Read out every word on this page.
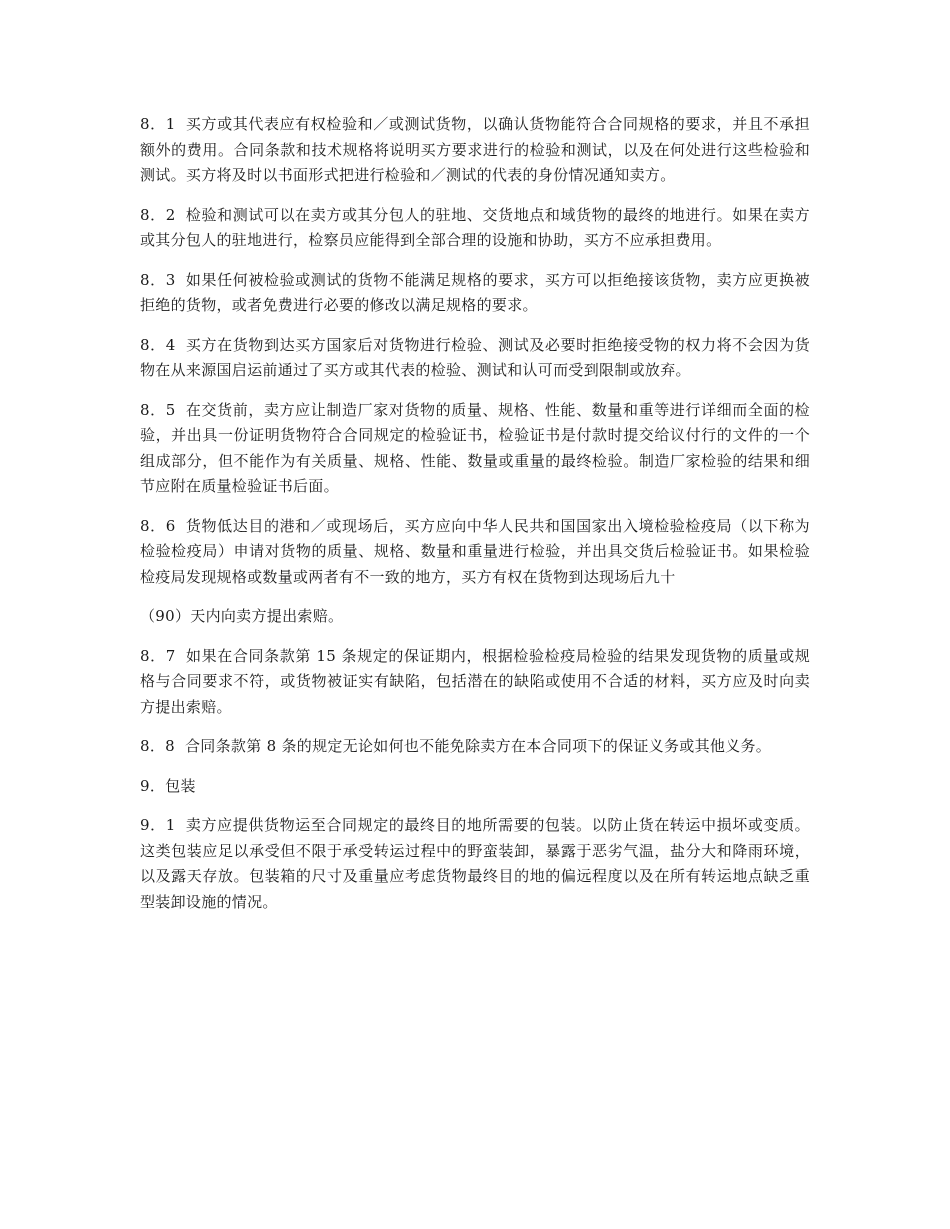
8．1 买方或其代表应有权检验和／或测试货物，以确认货物能符合合同规格的要求，并且不承担额外的费用。合同条款和技术规格将说明买方要求进行的检验和测试，以及在何处进行这些检验和测试。买方将及时以书面形式把进行检验和／测试的代表的身份情况通知卖方。

8．2 检验和测试可以在卖方或其分包人的驻地、交货地点和域货物的最终的地进行。如果在卖方或其分包人的驻地进行，检察员应能得到全部合理的设施和协助，买方不应承担费用。

8．3 如果任何被检验或测试的货物不能满足规格的要求，买方可以拒绝接该货物，卖方应更换被拒绝的货物，或者免费进行必要的修改以满足规格的要求。

8．4 买方在货物到达买方国家后对货物进行检验、测试及必要时拒绝接受物的权力将不会因为货物在从来源国启运前通过了买方或其代表的检验、测试和认可而受到限制或放弃。

8．5 在交货前，卖方应让制造厂家对货物的质量、规格、性能、数量和重等进行详细而全面的检验，并出具一份证明货物符合合同规定的检验证书，检验证书是付款时提交给议付行的文件的一个组成部分，但不能作为有关质量、规格、性能、数量或重量的最终检验。制造厂家检验的结果和细节应附在质量检验证书后面。

8．6 货物低达目的港和／或现场后，买方应向中华人民共和国国家出入境检验检疫局（以下称为检验检疫局）申请对货物的质量、规格、数量和重量进行检验，并出具交货后检验证书。如果检验检疫局发现规格或数量或两者有不一致的地方，买方有权在货物到达现场后九十

（90）天内向卖方提出索赔。

8．7 如果在合同条款第 15 条规定的保证期内，根据检验检疫局检验的结果发现货物的质量或规格与合同要求不符，或货物被证实有缺陷，包括潜在的缺陷或使用不合适的材料，买方应及时向卖方提出索赔。

8．8 合同条款第 8 条的规定无论如何也不能免除卖方在本合同项下的保证义务或其他义务。

9．包装

9．1 卖方应提供货物运至合同规定的最终目的地所需要的包装。以防止货在转运中损坏或变质。这类包装应足以承受但不限于承受转运过程中的野蛮装卸，暴露于恶劣气温，盐分大和降雨环境，以及露天存放。包装箱的尺寸及重量应考虑货物最终目的地的偏远程度以及在所有转运地点缺乏重型装卸设施的情况。
